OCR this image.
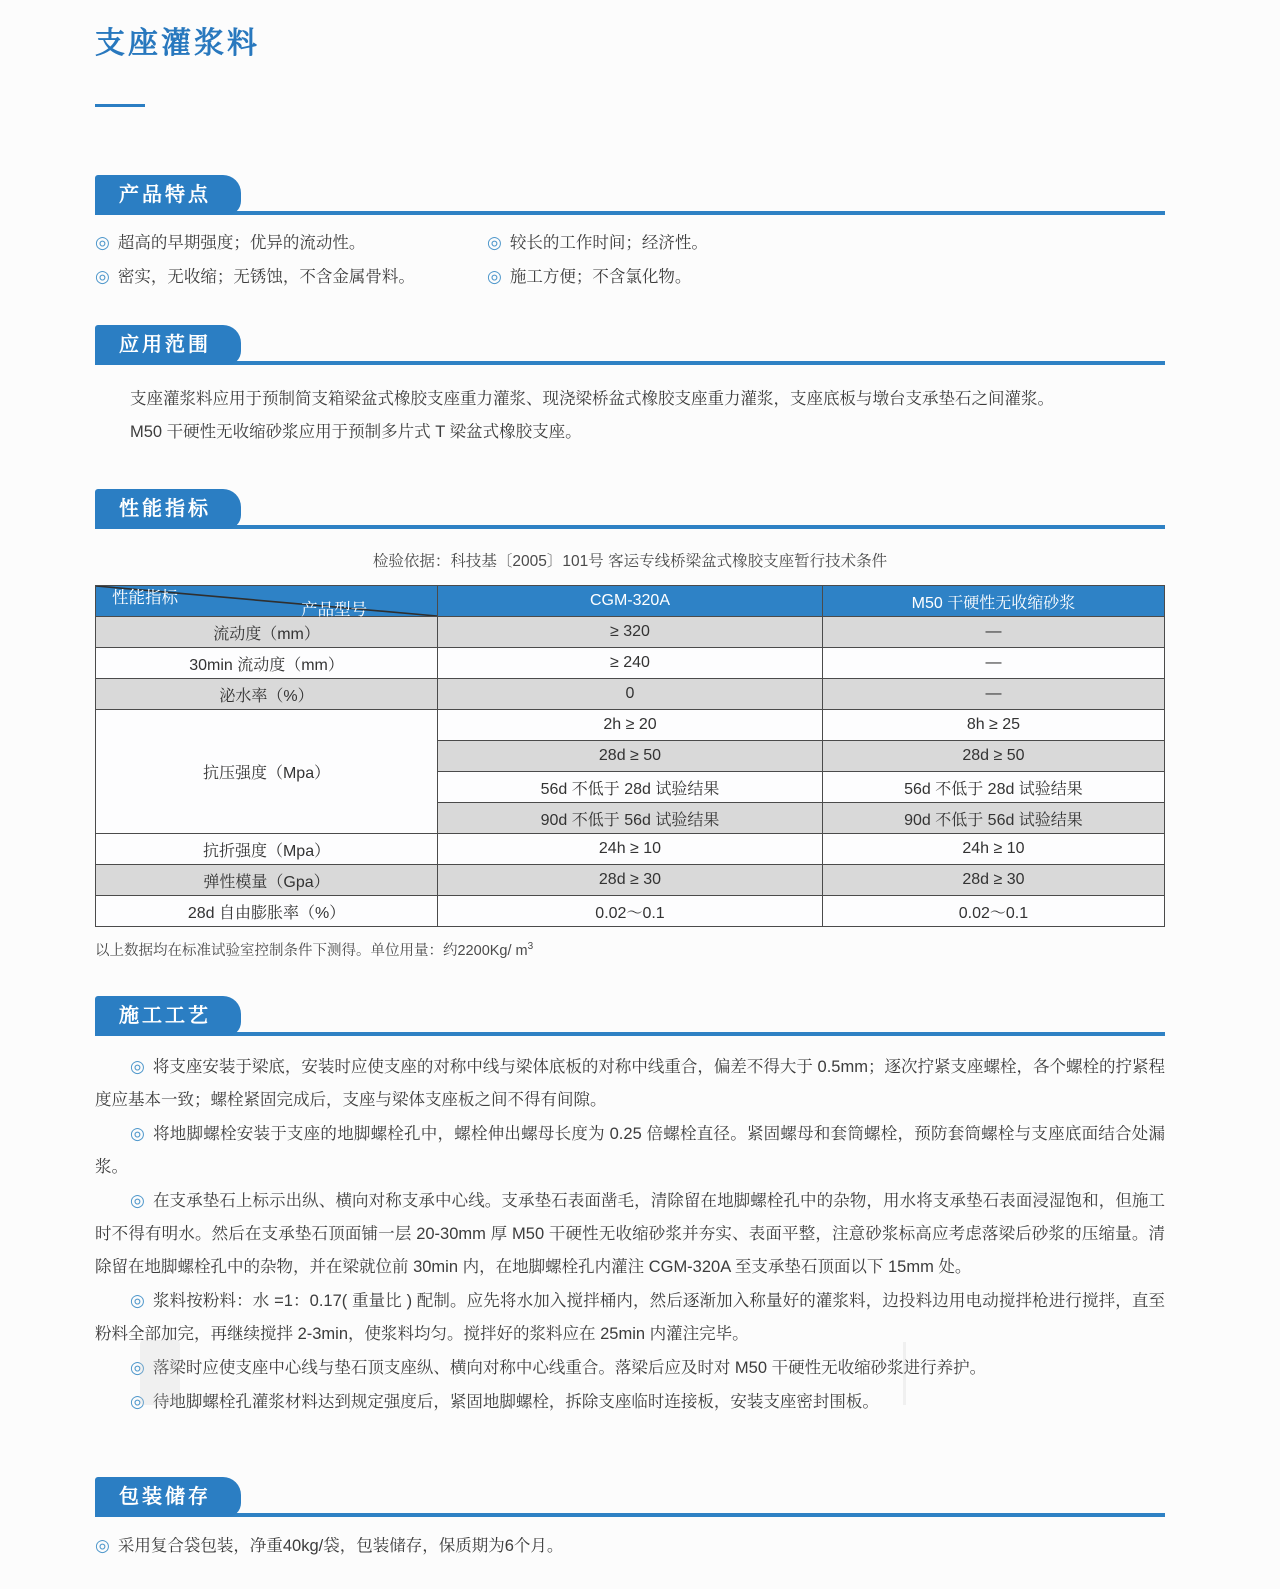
支座灌浆料
产品特点
◎ 超高的早期强度；优异的流动性。	◎ 较长的工作时间；经济性。
◎ 密实，无收缩；无锈蚀，不含金属骨料。	◎ 施工方便；不含氯化物。
应用范围
支座灌浆料应用于预制简支箱梁盆式橡胶支座重力灌浆、现浇梁桥盆式橡胶支座重力灌浆，支座底板与墩台支承垫石之间灌浆。
M50 干硬性无收缩砂浆应用于预制多片式 T 梁盆式橡胶支座。
性能指标
检验依据：科技基〔2005〕101号 客运专线桥梁盆式橡胶支座暂行技术条件
产品型号
性能指标	CGM-320A	M50 干硬性无收缩砂浆
流动度（mm）	≥ 320	—
30min 流动度（mm）	≥ 240	—
泌水率（%）	0	—
抗压强度（Mpa）	2h ≥ 20	8h ≥ 25
	28d ≥ 50	28d ≥ 50
	56d 不低于 28d 试验结果	56d 不低于 28d 试验结果
	90d 不低于 56d 试验结果	90d 不低于 56d 试验结果
抗折强度（Mpa）	24h ≥ 10	24h ≥ 10
弹性模量（Gpa）	28d ≥ 30	28d ≥ 30
28d 自由膨胀率（%）	0.02～0.1	0.02～0.1
以上数据均在标准试验室控制条件下测得。单位用量：约2200Kg/ $m^3$
施工工艺

◎ 将支座安装于梁底，安装时应使支座的对称中线与梁体底板的对称中线重合，偏差不得大于 0.5mm；逐次拧紧支座螺栓，各个螺栓的拧紧程度应基本一致；螺栓紧固完成后，支座与梁体支座板之间不得有间隙。

◎ 将地脚螺栓安装于支座的地脚螺栓孔中，螺栓伸出螺母长度为 0.25 倍螺栓直径。紧固螺母和套筒螺栓，预防套筒螺栓与支座底面结合处漏浆。

◎ 在支承垫石上标示出纵、横向对称支承中心线。支承垫石表面凿毛，清除留在地脚螺栓孔中的杂物，用水将支承垫石表面浸湿饱和，但施工时不得有明水。然后在支承垫石顶面铺一层 20-30mm 厚 M50 干硬性无收缩砂浆并夯实、表面平整，注意砂浆标高应考虑落梁后砂浆的压缩量。清除留在地脚螺栓孔中的杂物，并在梁就位前 30min 内，在地脚螺栓孔内灌注 CGM-320A 至支承垫石顶面以下 15mm 处。

◎ 浆料按粉料：水 =1：0.17( 重量比 ) 配制。应先将水加入搅拌桶内，然后逐渐加入称量好的灌浆料，边投料边用电动搅拌枪进行搅拌，直至粉料全部加完，再继续搅拌 2-3min，使浆料均匀。搅拌好的浆料应在 25min 内灌注完毕。

◎ 落梁时应使支座中心线与垫石顶支座纵、横向对称中心线重合。落梁后应及时对 M50 干硬性无收缩砂浆进行养护。

◎ 待地脚螺栓孔灌浆材料达到规定强度后，紧固地脚螺栓，拆除支座临时连接板，安装支座密封围板。

包装储存
◎ 采用复合袋包装，净重40kg/袋，包装储存，保质期为6个月。
